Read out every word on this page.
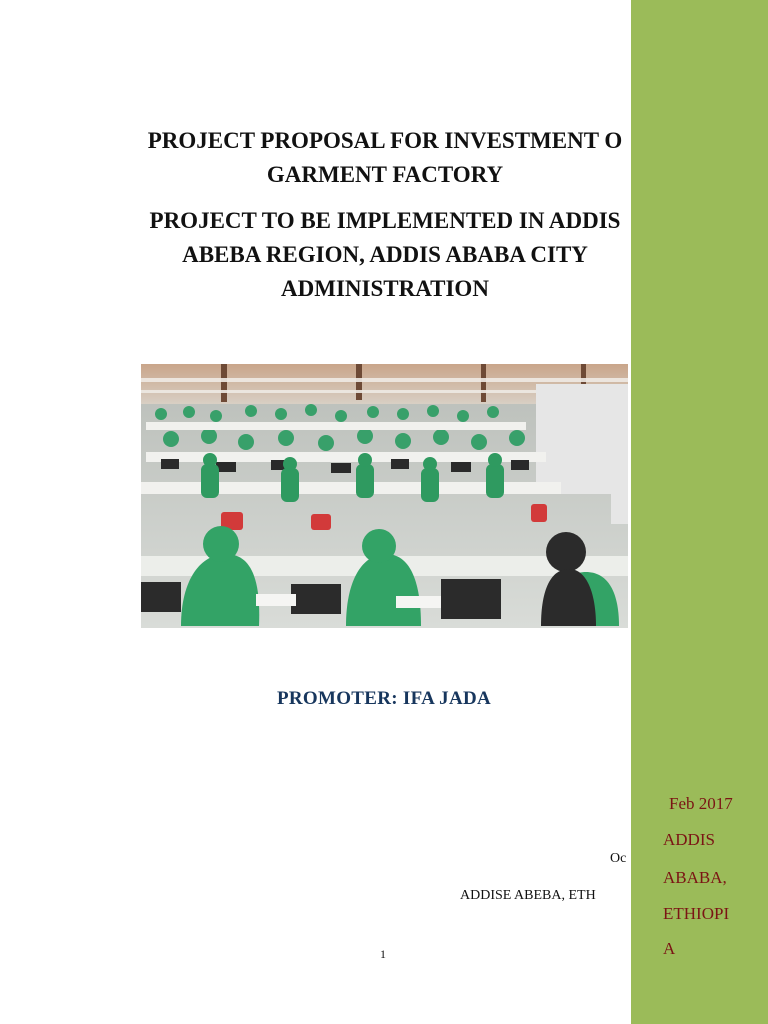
PROJECT PROPOSAL FOR INVESTMENT O
GARMENT FACTORY
PROJECT TO BE IMPLEMENTED IN ADDIS
ABEBA REGION, ADDIS ABABA CITY
ADMINISTRATION
PROMOTER: IFA JADA
Oc
ADDISE ABEBA, ETH
1
Feb 2017
ADDIS
ABABA,
ETHIOPI
A
